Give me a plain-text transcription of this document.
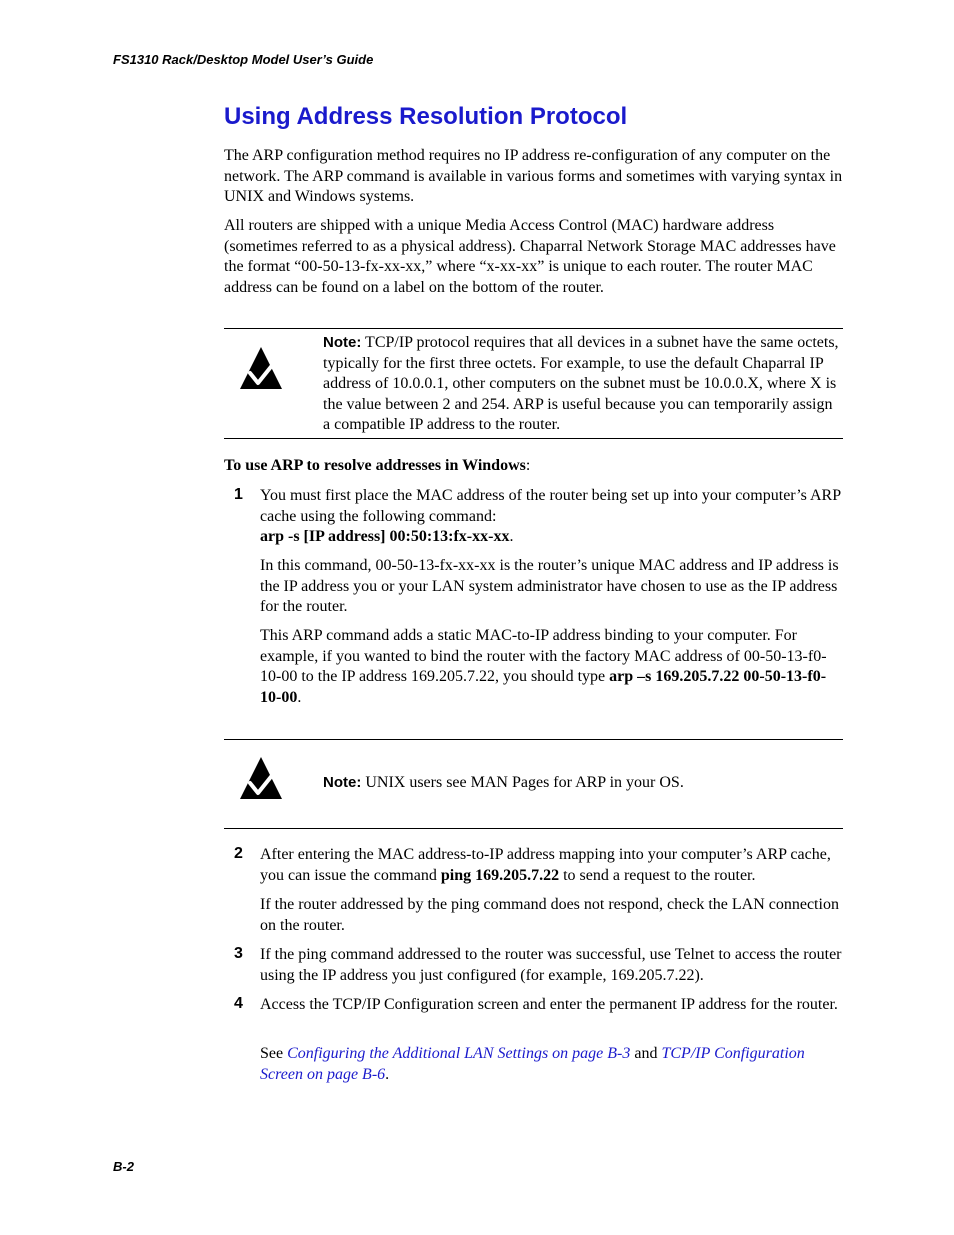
FS1310 Rack/Desktop Model User’s Guide
Using Address Resolution Protocol

The ARP configuration method requires no IP address re-configuration of any computer on the network. The ARP command is available in various forms and sometimes with varying syntax in UNIX and Windows systems.

All routers are shipped with a unique Media Access Control (MAC) hardware address (sometimes referred to as a physical address). Chaparral Network Storage MAC addresses have the format “00-50-13-fx-xx-xx,” where “x-xx-xx” is unique to each router. The router MAC address can be found on a label on the bottom of the router.

Note: TCP/IP protocol requires that all devices in a subnet have the same octets, typically for the first three octets. For example, to use the default Chaparral IP address of 10.0.0.1, other computers on the subnet must be 10.0.0.X, where X is the value between 2 and 254. ARP is useful because you can temporarily assign a compatible IP address to the router.

To use ARP to resolve addresses in Windows:

1 You must first place the MAC address of the router being set up into your computer’s ARP cache using the following command:
arp -s [IP address] 00:50:13:fx-xx-xx.

In this command, 00-50-13-fx-xx-xx is the router’s unique MAC address and IP address is the IP address you or your LAN system administrator have chosen to use as the IP address for the router.

This ARP command adds a static MAC-to-IP address binding to your computer. For example, if you wanted to bind the router with the factory MAC address of 00-50-13-f0-10-00 to the IP address 169.205.7.22, you should type arp –s 169.205.7.22 00-50-13-f0-10-00.

Note: UNIX users see MAN Pages for ARP in your OS.

2 After entering the MAC address-to-IP address mapping into your computer’s ARP cache, you can issue the command ping 169.205.7.22 to send a request to the router.

If the router addressed by the ping command does not respond, check the LAN connection on the router.

3 If the ping command addressed to the router was successful, use Telnet to access the router using the IP address you just configured (for example, 169.205.7.22).

4 Access the TCP/IP Configuration screen and enter the permanent IP address for the router.

See Configuring the Additional LAN Settings on page B-3 and TCP/IP Configuration Screen on page B-6.

B-2
